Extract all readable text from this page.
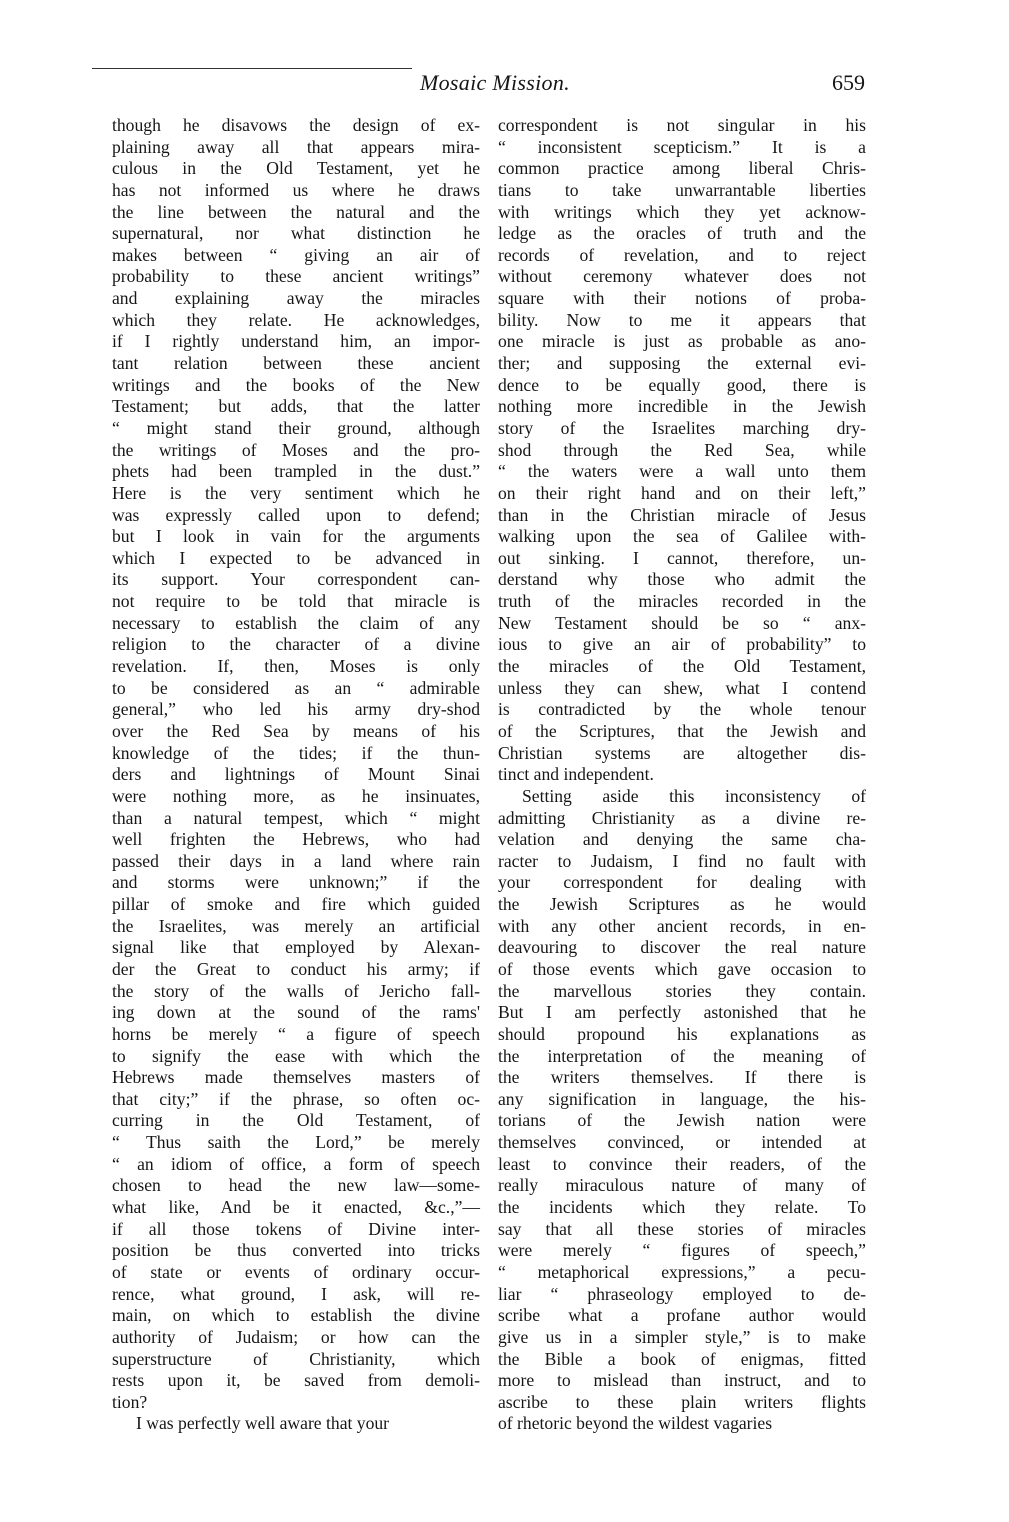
Mosaic Mission.	659
though he disavows the design of ex-
plaining away all that appears mira-
culous in the Old Testament, yet he
has not informed us where he draws
the line between the natural and the
supernatural, nor what distinction he
makes between “ giving an air of
probability to these ancient writings”
and explaining away the miracles
which they relate. He acknowledges,
if I rightly understand him, an impor-
tant relation between these ancient
writings and the books of the New
Testament; but adds, that the latter
“ might stand their ground, although
the writings of Moses and the pro-
phets had been trampled in the dust.”
Here is the very sentiment which he
was expressly called upon to defend;
but I look in vain for the arguments
which I expected to be advanced in
its support. Your correspondent can-
not require to be told that miracle is
necessary to establish the claim of any
religion to the character of a divine
revelation. If, then, Moses is only
to be considered as an “ admirable
general,” who led his army dry-shod
over the Red Sea by means of his
knowledge of the tides; if the thun-
ders and lightnings of Mount Sinai
were nothing more, as he insinuates,
than a natural tempest, which “ might
well frighten the Hebrews, who had
passed their days in a land where rain
and storms were unknown;” if the
pillar of smoke and fire which guided
the Israelites, was merely an artificial
signal like that employed by Alexan-
der the Great to conduct his army; if
the story of the walls of Jericho fall-
ing down at the sound of the rams'
horns be merely “ a figure of speech
to signify the ease with which the
Hebrews made themselves masters of
that city;” if the phrase, so often oc-
curring in the Old Testament, of
“ Thus saith the Lord,” be merely
“ an idiom of office, a form of speech
chosen to head the new law—some-
what like, And be it enacted, &c.,”—
if all those tokens of Divine inter-
position be thus converted into tricks
of state or events of ordinary occur-
rence, what ground, I ask, will re-
main, on which to establish the divine
authority of Judaism; or how can the
superstructure of Christianity, which
rests upon it, be saved from demoli-
tion?
I was perfectly well aware that your
correspondent is not singular in his
“ inconsistent scepticism.” It is a
common practice among liberal Chris-
tians to take unwarrantable liberties
with writings which they yet acknow-
ledge as the oracles of truth and the
records of revelation, and to reject
without ceremony whatever does not
square with their notions of proba-
bility. Now to me it appears that
one miracle is just as probable as ano-
ther; and supposing the external evi-
dence to be equally good, there is
nothing more incredible in the Jewish
story of the Israelites marching dry-
shod through the Red Sea, while
“ the waters were a wall unto them
on their right hand and on their left,”
than in the Christian miracle of Jesus
walking upon the sea of Galilee with-
out sinking. I cannot, therefore, un-
derstand why those who admit the
truth of the miracles recorded in the
New Testament should be so “ anx-
ious to give an air of probability” to
the miracles of the Old Testament,
unless they can shew, what I contend
is contradicted by the whole tenour
of the Scriptures, that the Jewish and
Christian systems are altogether dis-
tinct and independent.
Setting aside this inconsistency of
admitting Christianity as a divine re-
velation and denying the same cha-
racter to Judaism, I find no fault with
your correspondent for dealing with
the Jewish Scriptures as he would
with any other ancient records, in en-
deavouring to discover the real nature
of those events which gave occasion to
the marvellous stories they contain.
But I am perfectly astonished that he
should propound his explanations as
the interpretation of the meaning of
the writers themselves. If there is
any signification in language, the his-
torians of the Jewish nation were
themselves convinced, or intended at
least to convince their readers, of the
really miraculous nature of many of
the incidents which they relate. To
say that all these stories of miracles
were merely “ figures of speech,”
“ metaphorical expressions,” a pecu-
liar “ phraseology employed to de-
scribe what a profane author would
give us in a simpler style,” is to make
the Bible a book of enigmas, fitted
more to mislead than instruct, and to
ascribe to these plain writers flights
of rhetoric beyond the wildest vagaries
